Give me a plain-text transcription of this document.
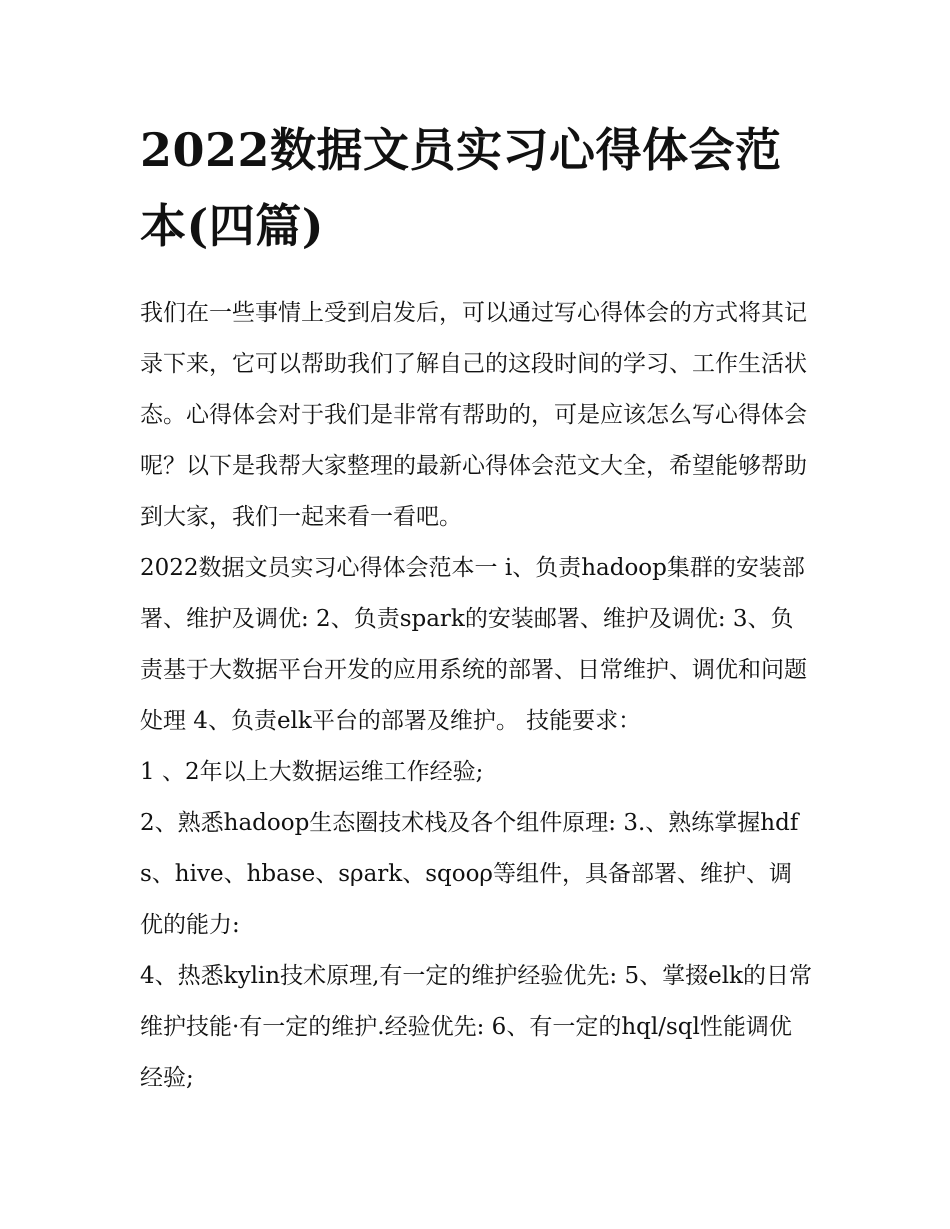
2022数据文员实习心得体会范本(四篇)

我们在一些事情上受到启发后，可以通过写心得体会的方式将其记录下来，它可以帮助我们了解自己的这段时间的学习、工作生活状态。心得体会对于我们是非常有帮助的，可是应该怎么写心得体会呢？以下是我帮大家整理的最新心得体会范文大全，希望能够帮助到大家，我们一起来看一看吧。

2022数据文员实习心得体会范本一 i、负责hadoop集群的安装部署、维护及调优: 2、负责spark的安装邮署、维护及调优: 3、负责基于大数据平台开发的应用系统的部署、日常维护、调优和问题处理 4、负责elk平台的部署及维护。 技能要求：

1 、2年以上大数据运维工作经验;

2、熟悉hadoop生态圈技术栈及各个组件原理: 3.、熟练掌握hdfs、hive、hbase、sρark、sqooρ等组件，具备部署、维护、调优的能力:

4、热悉kylin技术原理,有一定的维护经验优先: 5、掌掇elk的日常维护技能·有一定的维护.经验优先: 6、有一定的hql/sql性能调优经验;
